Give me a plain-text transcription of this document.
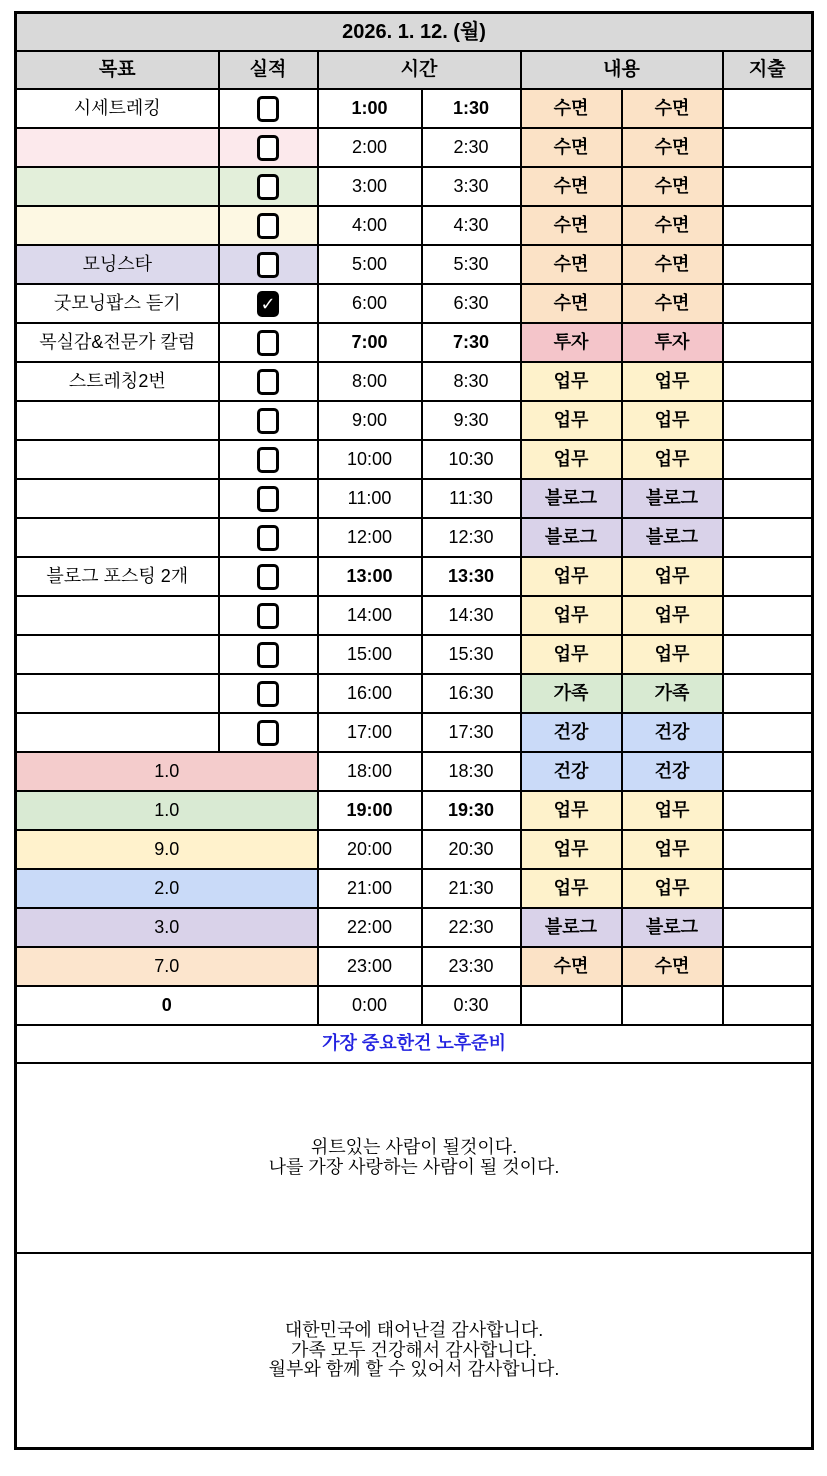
2026. 1. 12. (월)						
목표	실적	시간		내용		지출
시세트레킹		1:00	1:30	수면	수면	
		2:00	2:30	수면	수면	
		3:00	3:30	수면	수면	
		4:00	4:30	수면	수면	
모닝스타		5:00	5:30	수면	수면	
굿모닝팝스 듣기	✓	6:00	6:30	수면	수면	
목실감&전문가 칼럼		7:00	7:30	투자	투자	
스트레칭2번		8:00	8:30	업무	업무	
		9:00	9:30	업무	업무	
		10:00	10:30	업무	업무	
		11:00	11:30	블로그	블로그	
		12:00	12:30	블로그	블로그	
블로그 포스팅 2개		13:00	13:30	업무	업무	
		14:00	14:30	업무	업무	
		15:00	15:30	업무	업무	
		16:00	16:30	가족	가족	
		17:00	17:30	건강	건강	
1.0		18:00	18:30	건강	건강	
1.0		19:00	19:30	업무	업무	
9.0		20:00	20:30	업무	업무	
2.0		21:00	21:30	업무	업무	
3.0		22:00	22:30	블로그	블로그	
7.0		23:00	23:30	수면	수면	
0		0:00	0:30			
가장 중요한건 노후준비						

위트있는 사람이 될것이다.
나를 가장 사랑하는 사람이 될 것이다.						

대한민국에 태어난걸 감사합니다.
가족 모두 건강해서 감사합니다.
월부와 함께 할 수 있어서 감사합니다.						
